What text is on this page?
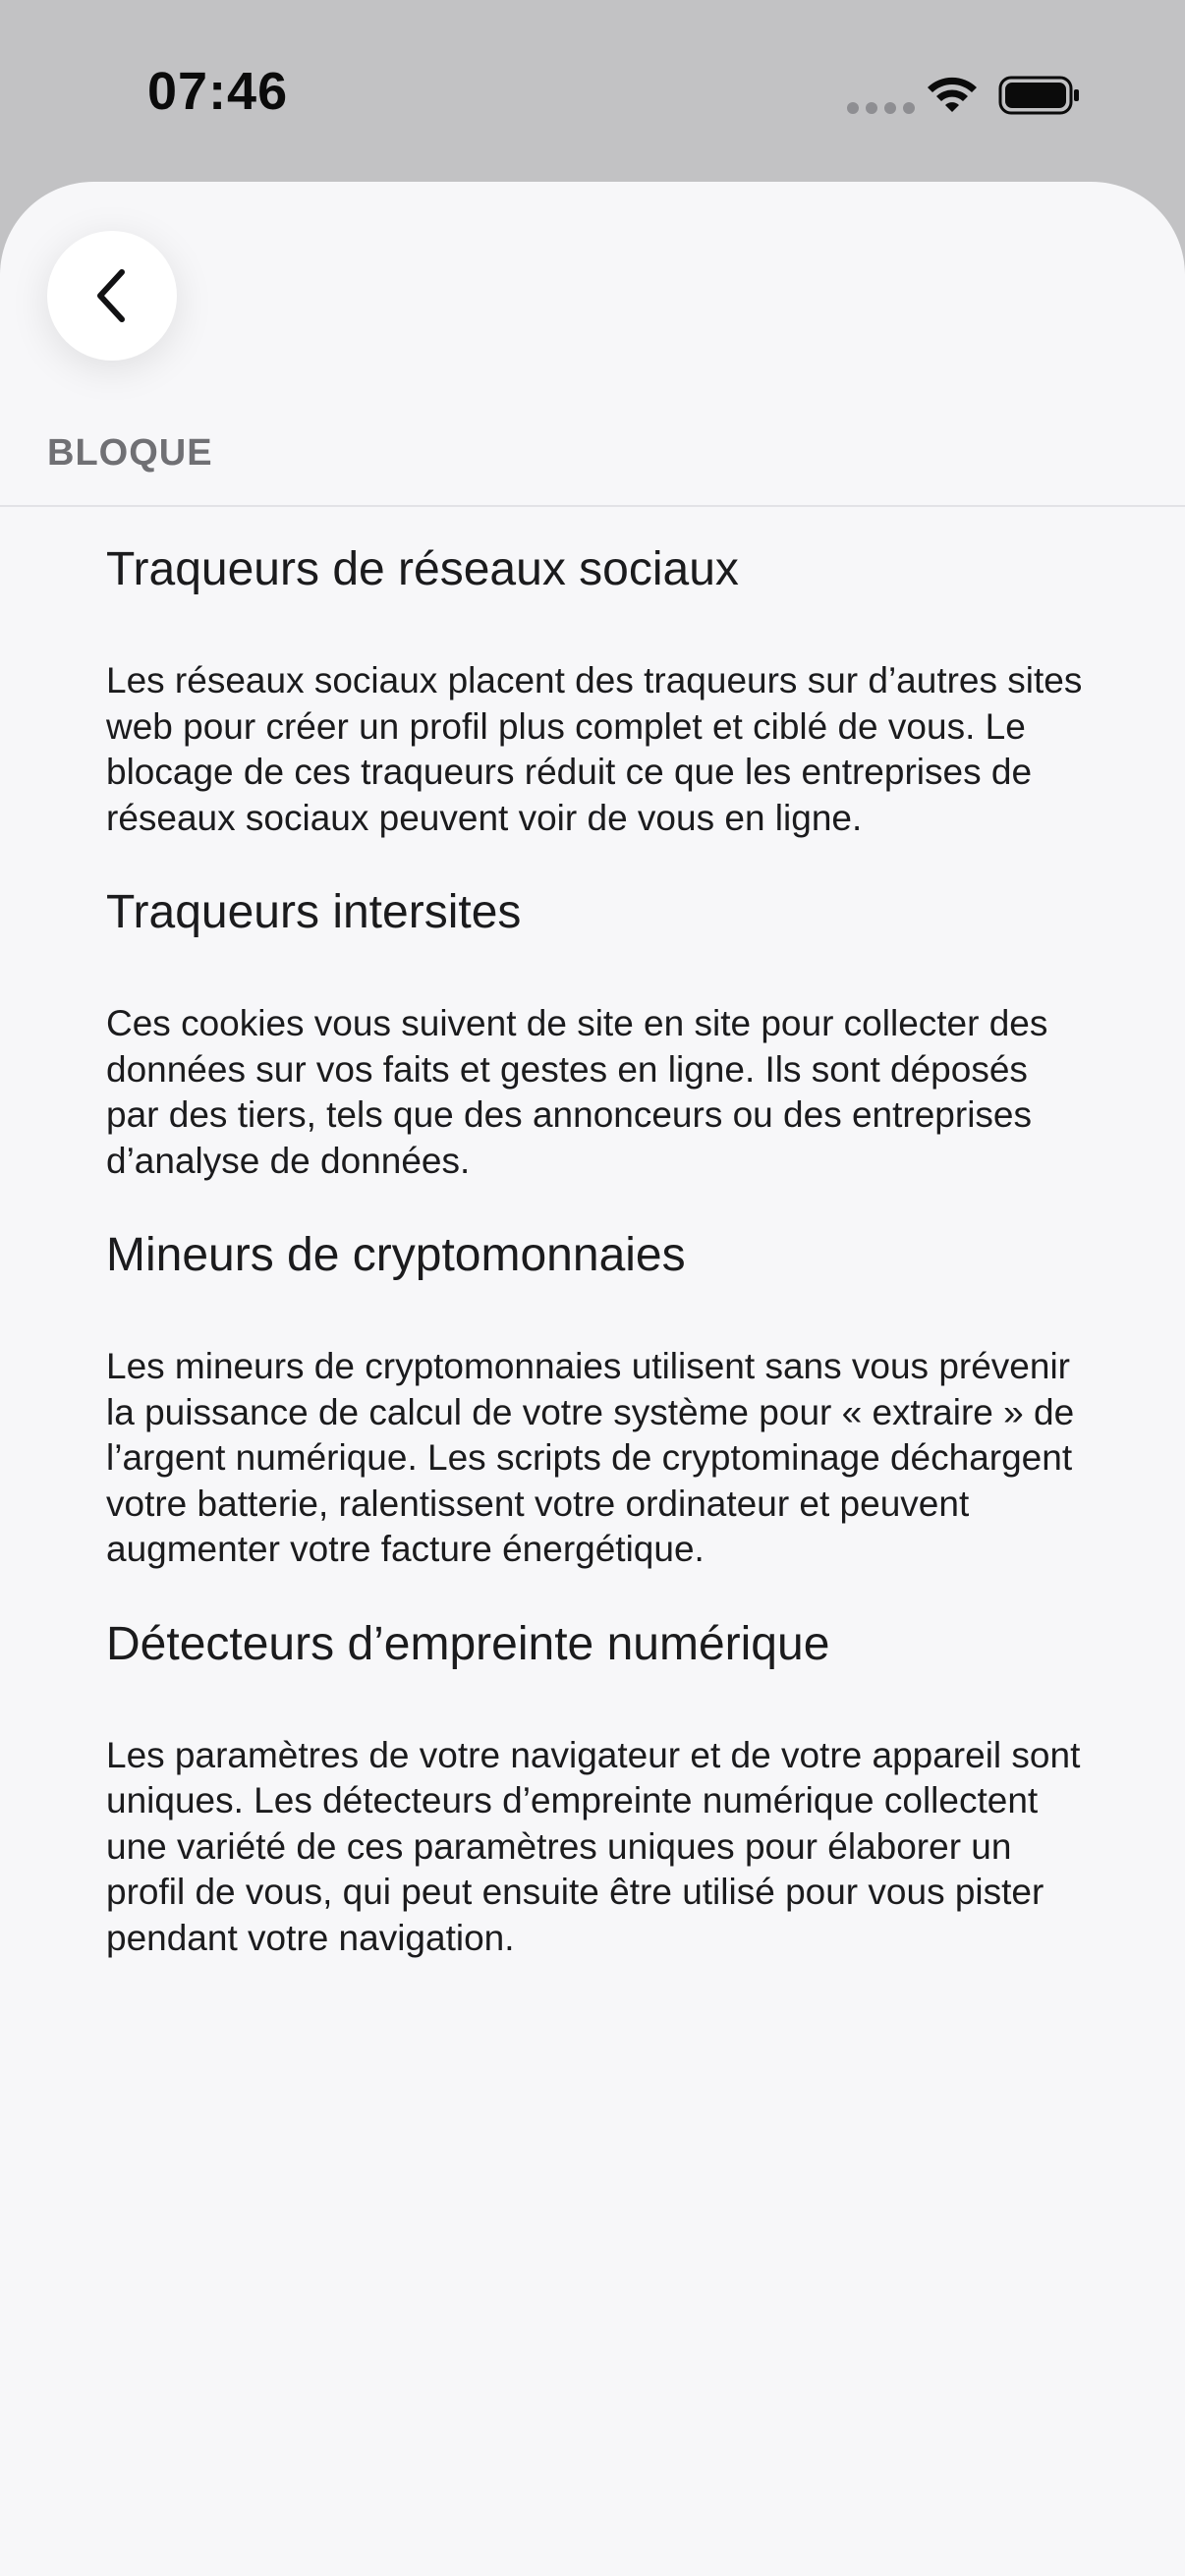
07:46
BLOQUE
Traqueurs de réseaux sociaux

Les réseaux sociaux placent des traqueurs sur d’autres sites web pour créer un profil plus complet et ciblé de vous. Le blocage de ces traqueurs réduit ce que les entreprises de réseaux sociaux peuvent voir de vous en ligne.

Traqueurs intersites

Ces cookies vous suivent de site en site pour collecter des données sur vos faits et gestes en ligne. Ils sont déposés par des tiers, tels que des annonceurs ou des entreprises d’analyse de données.

Mineurs de cryptomonnaies

Les mineurs de cryptomonnaies utilisent sans vous prévenir la puissance de calcul de votre système pour « extraire » de l’argent numérique. Les scripts de cryptominage déchargent votre batterie, ralentissent votre ordinateur et peuvent augmenter votre facture énergétique.

Détecteurs d’empreinte numérique

Les paramètres de votre navigateur et de votre appareil sont uniques. Les détecteurs d’empreinte numérique collectent une variété de ces paramètres uniques pour élaborer un profil de vous, qui peut ensuite être utilisé pour vous pister pendant votre navigation.
